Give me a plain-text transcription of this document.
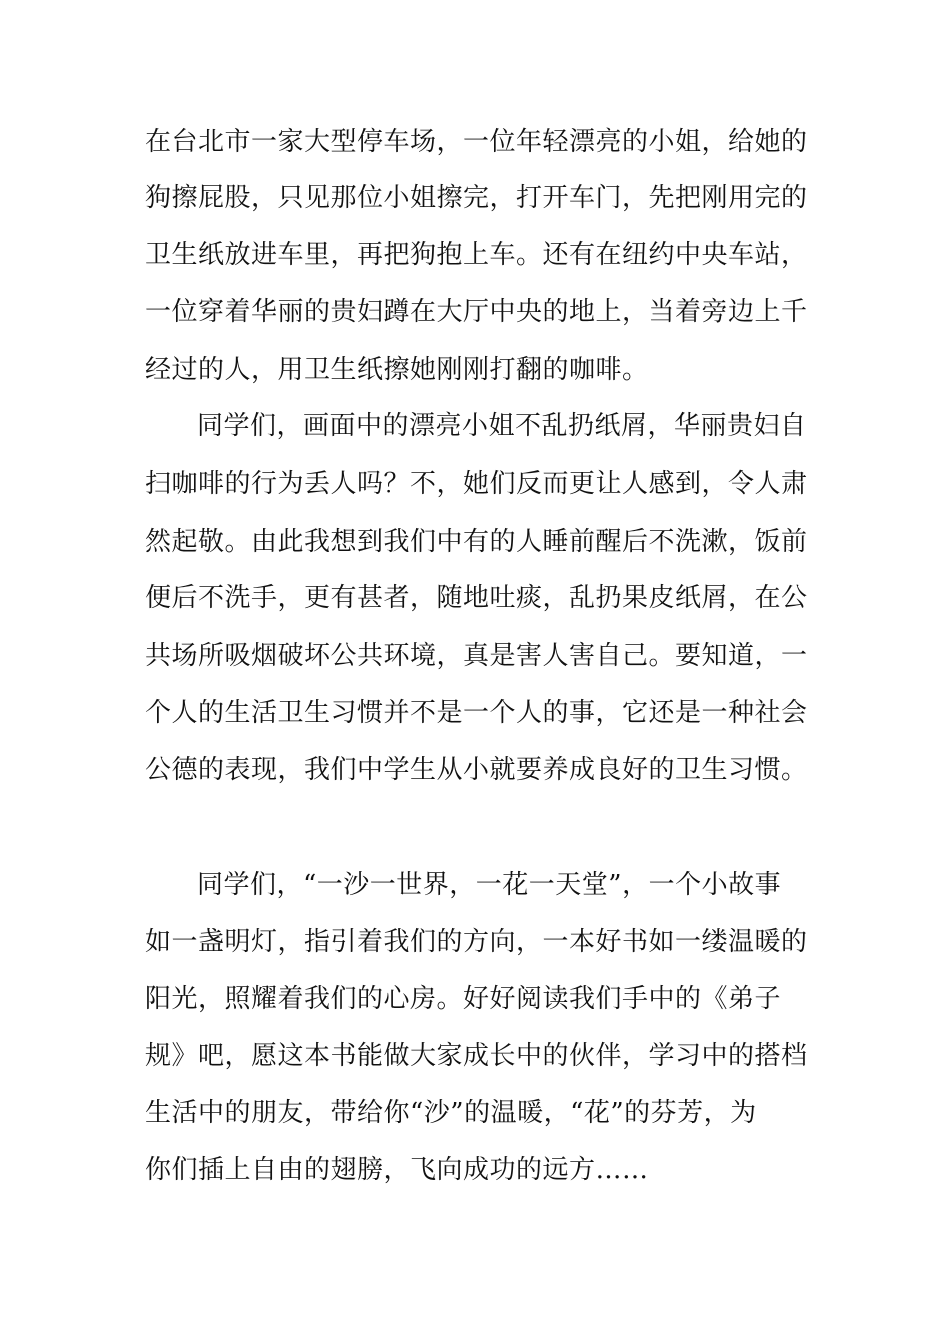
在台北市一家大型停车场，一位年轻漂亮的小姐，给她的
狗擦屁股，只见那位小姐擦完，打开车门，先把刚用完的
卫生纸放进车里，再把狗抱上车。还有在纽约中央车站，
一位穿着华丽的贵妇蹲在大厅中央的地上，当着旁边上千
经过的人，用卫生纸擦她刚刚打翻的咖啡。
同学们，画面中的漂亮小姐不乱扔纸屑，华丽贵妇自
扫咖啡的行为丢人吗？不，她们反而更让人感到，令人肃
然起敬。由此我想到我们中有的人睡前醒后不洗漱，饭前
便后不洗手，更有甚者，随地吐痰，乱扔果皮纸屑，在公
共场所吸烟破坏公共环境，真是害人害自己。要知道，一
个人的生活卫生习惯并不是一个人的事，它还是一种社会
公德的表现，我们中学生从小就要养成良好的卫生习惯。
同学们，“一沙一世界，一花一天堂”，一个小故事
如一盏明灯，指引着我们的方向，一本好书如一缕温暖的
阳光，照耀着我们的心房。好好阅读我们手中的《弟子
规》吧，愿这本书能做大家成长中的伙伴，学习中的搭档
生活中的朋友，带给你“沙”的温暖，“花”的芬芳，为
你们插上自由的翅膀，飞向成功的远方……
